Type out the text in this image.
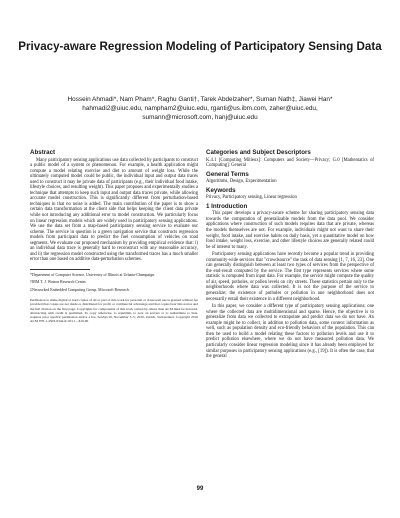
Privacy-aware Regression Modeling of Participatory Sensing Data
Hossein Ahmadi*, Nam Pham*, Raghu Ganti†, Tarek Abdelzaher*, Suman Nath‡, Jiawei Han*
hahmadi2@uiuc.edu, nampham2@uiuc.edu, rganti@us.ibm.com, zaher@uiuc.edu,
sumann@microsoft.com, hanj@uiuc.edu
Abstract

Many participatory sensing applications use data collected by participants to construct a public model of a system or phenomenon. For example, a health application might compute a model relating exercise and diet to amount of weight loss. While the ultimately computed model could be public, the individual input and output data traces used to construct it may be private data of participants (e.g., their individual food intake, lifestyle choices, and resulting weight). This paper proposes and experimentally studies a technique that attempts to keep such input and output data traces private, while allowing accurate model construction. This is significantly different from perturbation-based techniques in that no noise is added. The main contribution of the paper is to show a certain data transformation at the client side that helps keeping the client data private while not introducing any additional error to model construction. We particularly focus on linear regression models which are widely used in participatory sensing applications. We use the data set from a map-based participatory sensing service to evaluate our scheme. The service in question is a green navigation service that constructs regression models from participant data to predict the fuel consumption of vehicles on road segments. We evaluate our proposed mechanism by providing empirical evidence that: i) an individual data trace is generally hard to reconstruct with any reasonable accuracy, and ii) the regression model constructed using the transformed traces has a much smaller error than one based on additive data-perturbation schemes.

*Department of Computer Science, University of Illinois at Urbana-Champaign.

†IBM T. J. Watson Research Center.

‡Networked Embedded Computing Group, Microsoft Research.

Permission to make digital or hard copies of all or part of this work for personal or classroom use is granted without fee provided that copies are not made or distributed for profit or commercial advantage and that copies bear this notice and the full citation on the first page. Copyrights for components of this work owned by others than ACM must be honored. Abstracting with credit is permitted. To copy otherwise, to republish, to post on servers or to redistribute to lists, requires prior specific permission and/or a fee. SenSys'10, November 3–5, 2010, Zurich, Switzerland. Copyright 2010 ACM 978-1-4503-0344-6/10/11 ...$10.00

Categories and Subject Descriptors

K.4.1 [Computing Milieux]: Computers and Society—Privacy; G.0 [Mathematics of Computing]: General

General Terms

Algorithms, Design, Experimentation

Keywords

Privacy, Participatory sensing, Linear regression

1 Introduction

This paper develops a privacy-aware scheme for sharing participatory sensing data towards the computation of generalizable models from the data pool. We consider applications where construction of such models requires data that are private, whereas the models themselves are not. For example, individuals might not want to share their weight, food intake, and exercise habits on daily basis, yet a quantitative model on how food intake, weight loss, exercise, and other lifestyle choices are generally related could be of interest to many.

Participatory sensing applications have recently become a popular trend in providing community-wide services that "crowdsource" the task of data sensing [1, 7, 16, 23]. One can generally distinguish between at least two types of services from the perspective of the end-result computed by the service. The first type represents services where some statistic is computed from input data. For example, the service might compute the quality of air, speed, potholes, or pollen levels on city streets. These statistics pertain only to the neighborhoods where data was collected. It is not the purpose of the service to generalize; the existence of potholes or pollution in one neighborhood does not necessarily entail their existence in a different neighborhood.

In this paper, we consider a different type of participatory sensing applications; one where the collected data are multidimensional and sparse. Hence, the objective is to generalize from data we collected to extrapolate and predict data we do not have. An example might be to collect, in addition to pollution data, some context information as well, such as population density and eco-friendly behaviors of the population. This can then be used to build a model relating these factors to pollution levels and use it to predict pollution elsewhere, where we do not have measured pollution data. We particularly consider linear regression modeling since it has already been employed for similar purposes in participatory sensing applications (e.g., [19]). It is often the case, that the general

99
